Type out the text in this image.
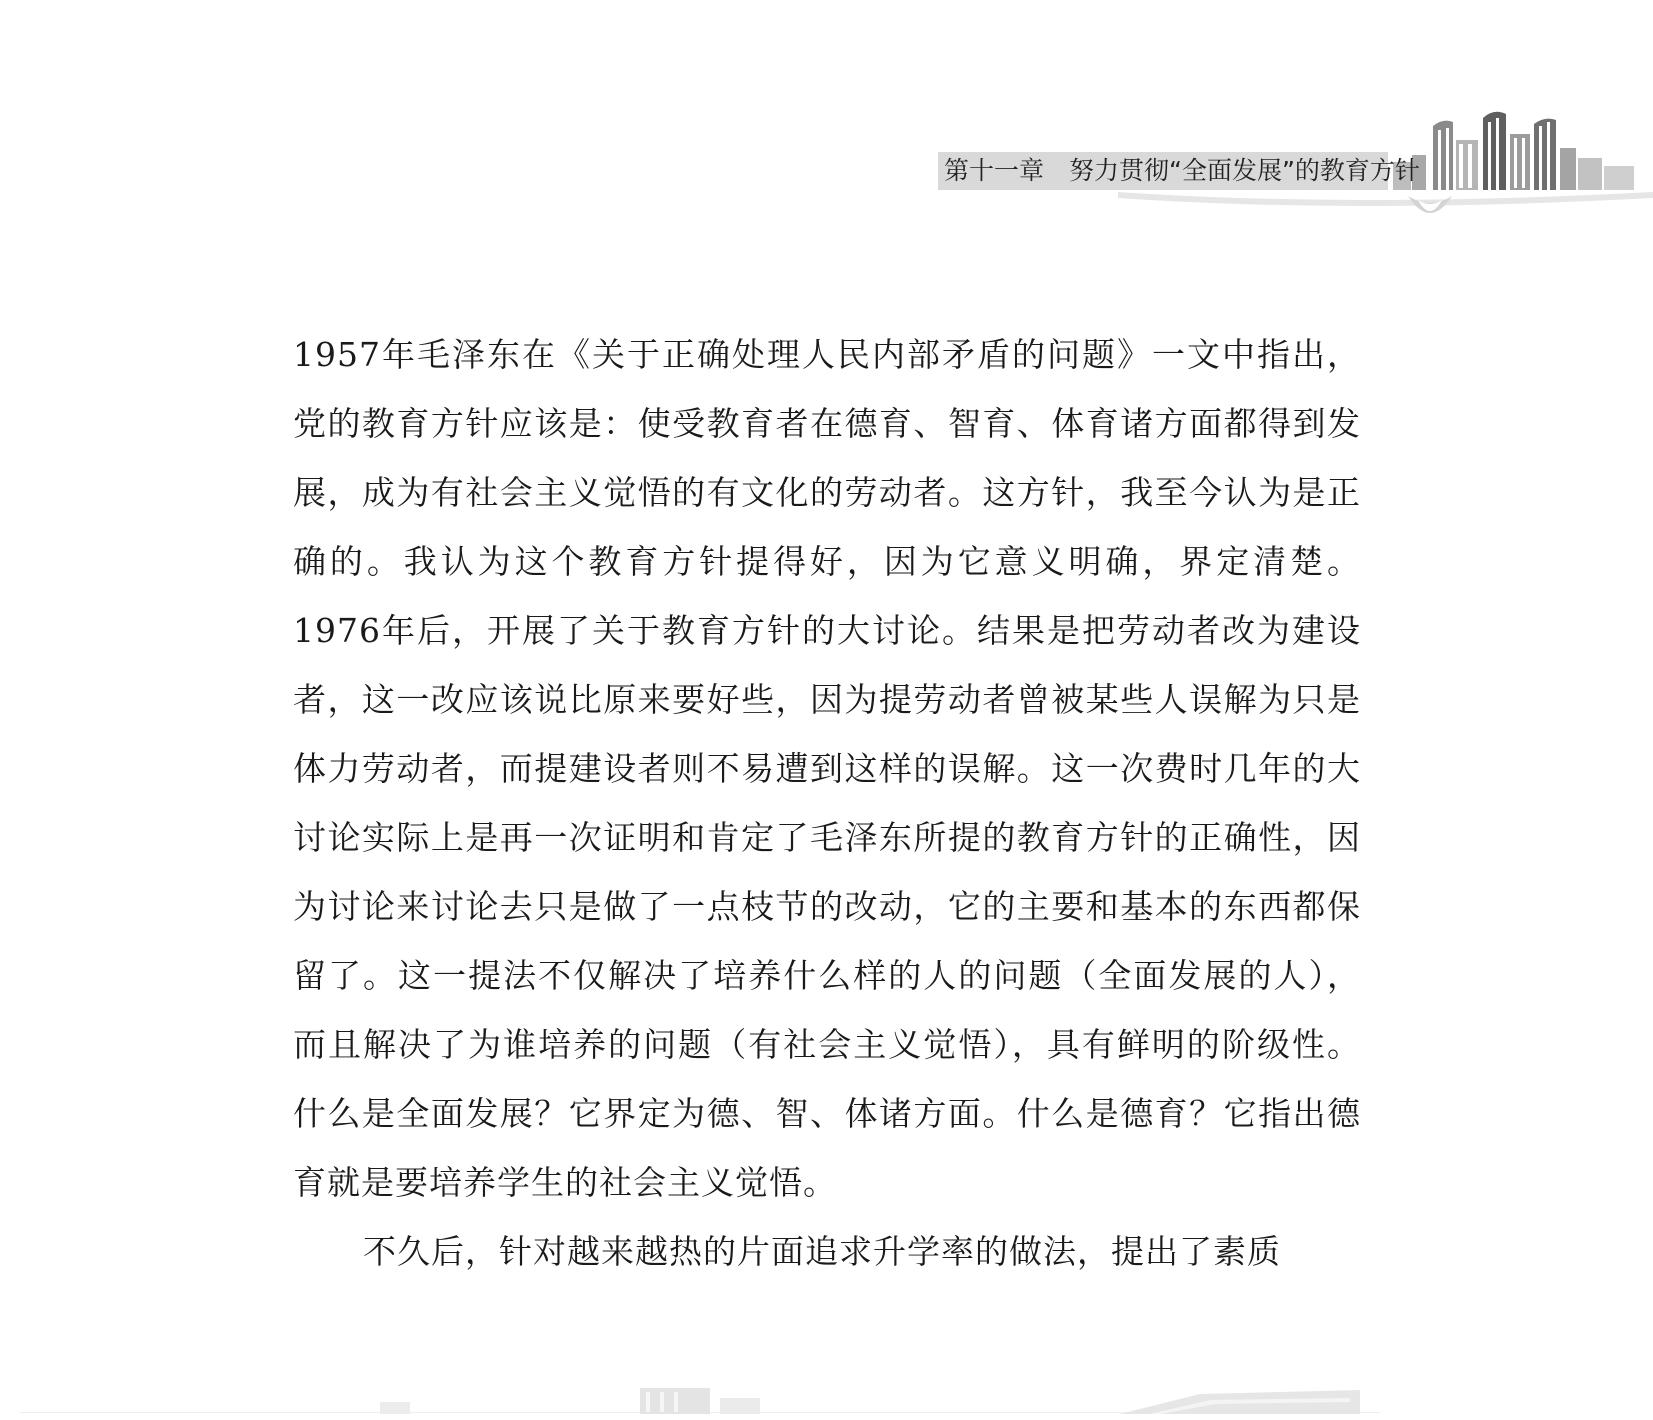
第十一章　努力贯彻“全面发展”的教育方针

1957年毛泽东在《关于正确处理人民内部矛盾的问题》一文中指出，党的教育方针应该是：使受教育者在德育、智育、体育诸方面都得到发展，成为有社会主义觉悟的有文化的劳动者。这方针，我至今认为是正确的。我认为这个教育方针提得好，因为它意义明确，界定清楚。1976年后，开展了关于教育方针的大讨论。结果是把劳动者改为建设者，这一改应该说比原来要好些，因为提劳动者曾被某些人误解为只是体力劳动者，而提建设者则不易遭到这样的误解。这一次费时几年的大讨论实际上是再一次证明和肯定了毛泽东所提的教育方针的正确性，因为讨论来讨论去只是做了一点枝节的改动，它的主要和基本的东西都保留了。这一提法不仅解决了培养什么样的人的问题（全面发展的人），而且解决了为谁培养的问题（有社会主义觉悟），具有鲜明的阶级性。什么是全面发展？它界定为德、智、体诸方面。什么是德育？它指出德育就是要培养学生的社会主义觉悟。

不久后，针对越来越热的片面追求升学率的做法，提出了素质
